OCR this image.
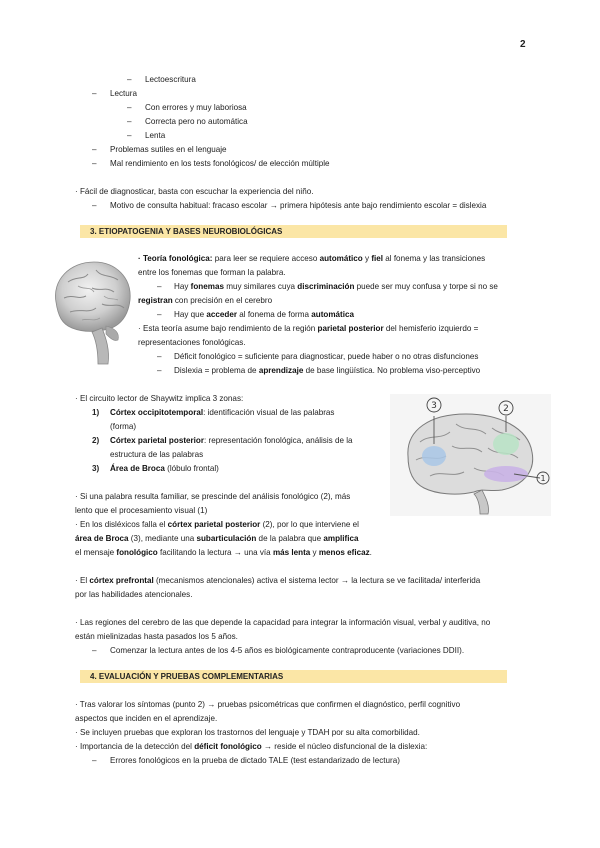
2
– Lectoescritura
– Lectura
– Con errores y muy laboriosa
– Correcta pero no automática
– Lenta
– Problemas sutiles en el lenguaje
– Mal rendimiento en los tests fonológicos/ de elección múltiple
· Fácil de diagnosticar, basta con escuchar la experiencia del niño.
– Motivo de consulta habitual: fracaso escolar → primera hipótesis ante bajo rendimiento escolar = dislexia
3. ETIOPATOGENIA Y BASES NEUROBIOLÓGICAS
· Teoría fonológica: para leer se requiere acceso automático y fiel al fonema y las transiciones
entre los fonemas que forman la palabra.
– Hay fonemas muy similares cuya discriminación puede ser muy confusa y torpe si no se
registran con precisión en el cerebro
– Hay que acceder al fonema de forma automática
· Esta teoría asume bajo rendimiento de la región parietal posterior del hemisferio izquierdo =
representaciones fonológicas.
– Déficit fonológico = suficiente para diagnosticar, puede haber o no otras disfunciones
– Dislexia = problema de aprendizaje de base lingüística. No problema viso-perceptivo
· El circuito lector de Shaywitz implica 3 zonas:
1) Córtex occipitotemporal: identificación visual de las palabras
(forma)
2) Córtex parietal posterior: representación fonológica, análisis de la
estructura de las palabras
3) Área de Broca (lóbulo frontal)
3	2
1
· Si una palabra resulta familiar, se prescinde del análisis fonológico (2), más
lento que el procesamiento visual (1)
· En los disléxicos falla el córtex parietal posterior (2), por lo que interviene el
área de Broca (3), mediante una subarticulación de la palabra que amplifica
el mensaje fonológico facilitando la lectura → una vía más lenta y menos eficaz.
· El córtex prefrontal (mecanismos atencionales) activa el sistema lector → la lectura se ve facilitada/ interferida
por las habilidades atencionales.
· Las regiones del cerebro de las que depende la capacidad para integrar la información visual, verbal y auditiva, no
están mielinizadas hasta pasados los 5 años.
– Comenzar la lectura antes de los 4-5 años es biológicamente contraproducente (variaciones DDII).
4. EVALUACIÓN Y PRUEBAS COMPLEMENTARIAS
· Tras valorar los síntomas (punto 2) → pruebas psicométricas que confirmen el diagnóstico, perfil cognitivo
aspectos que inciden en el aprendizaje.
· Se incluyen pruebas que exploran los trastornos del lenguaje y TDAH por su alta comorbilidad.
· Importancia de la detección del déficit fonológico → reside el núcleo disfuncional de la dislexia:
– Errores fonológicos en la prueba de dictado TALE (test estandarizado de lectura)
